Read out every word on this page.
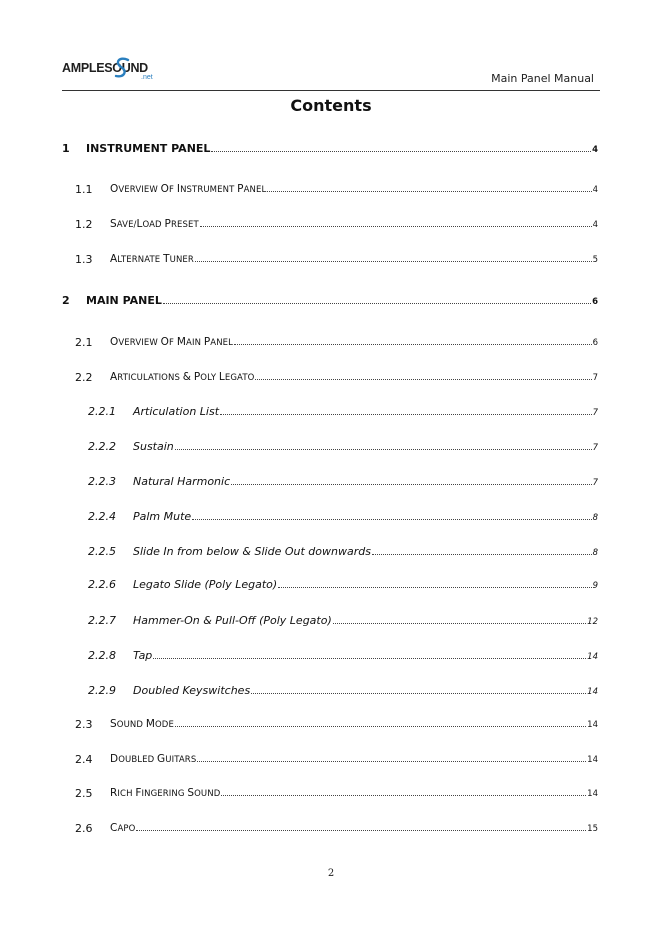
AMPLESOUND
.net	Main Panel Manual
Contents
1 INSTRUMENT PANEL	4
1.1 OVERVIEW OF INSTRUMENT PANEL	4
1.2 SAVE/LOAD PRESET	4
1.3 ALTERNATE TUNER	5
2 MAIN PANEL	6
2.1 OVERVIEW OF MAIN PANEL	6
2.2 ARTICULATIONS & POLY LEGATO	7
2.2.1 Articulation List	7
2.2.2 Sustain	7
2.2.3 Natural Harmonic	7
2.2.4 Palm Mute	8
2.2.5 Slide In from below & Slide Out downwards	8
2.2.6 Legato Slide (Poly Legato)	9
2.2.7 Hammer-On & Pull-Off (Poly Legato)	12
2.2.8 Tap	14
2.2.9 Doubled Keyswitches	14
2.3 SOUND MODE	14
2.4 DOUBLED GUITARS	14
2.5 RICH FINGERING SOUND	14
2.6 CAPO	15
2
